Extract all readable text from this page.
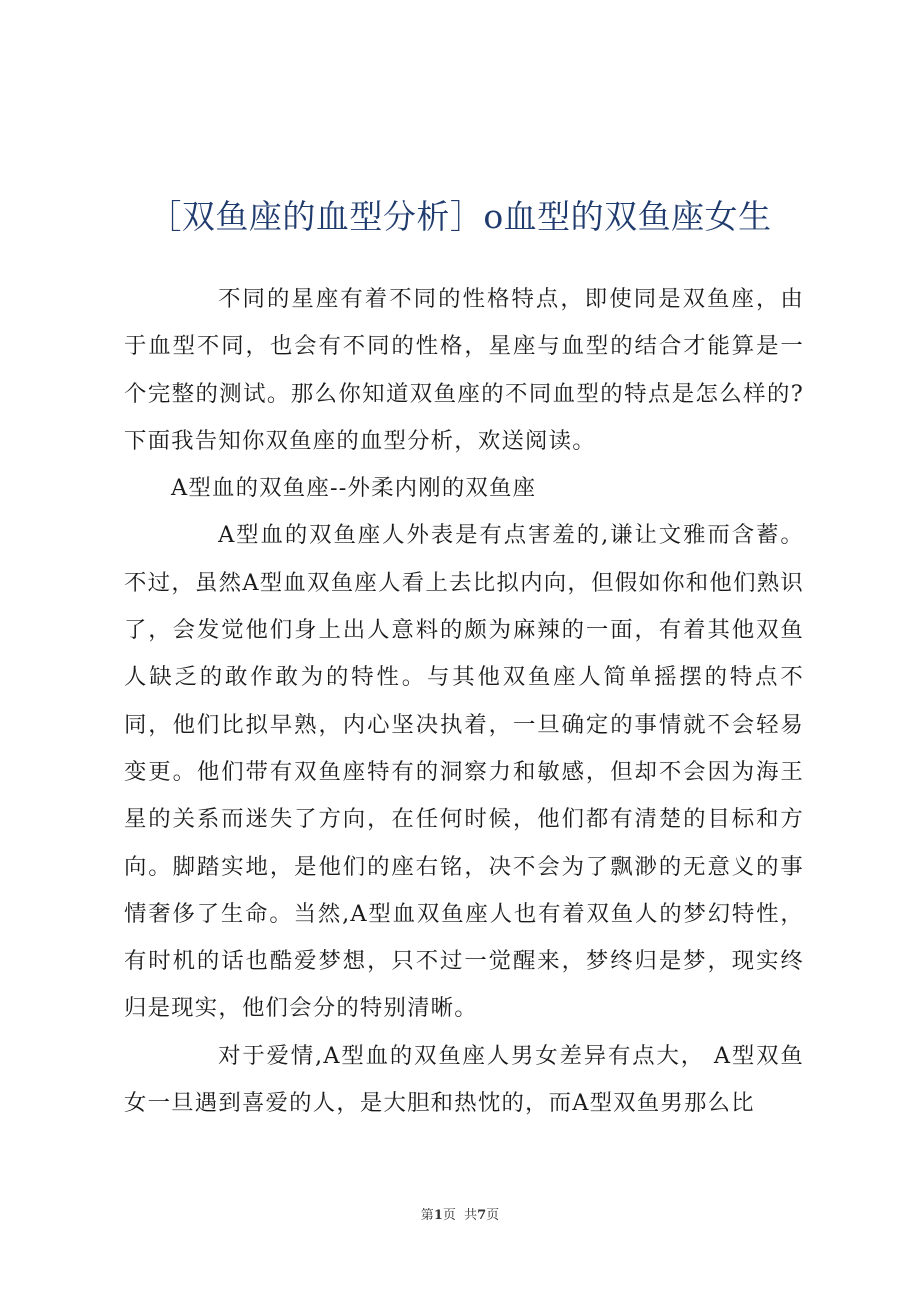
［双鱼座的血型分析］o血型的双鱼座女生

不同的星座有着不同的性格特点，即使同是双鱼座，由于血型不同，也会有不同的性格，星座与血型的结合才能算是一个完整的测试。那么你知道双鱼座的不同血型的特点是怎么样的?下面我告知你双鱼座的血型分析，欢送阅读。

A型血的双鱼座--外柔内刚的双鱼座

A型血的双鱼座人外表是有点害羞的,谦让文雅而含蓄。不过，虽然A型血双鱼座人看上去比拟内向，但假如你和他们熟识了，会发觉他们身上出人意料的颇为麻辣的一面，有着其他双鱼人缺乏的敢作敢为的特性。与其他双鱼座人简单摇摆的特点不同，他们比拟早熟，内心坚决执着，一旦确定的事情就不会轻易变更。他们带有双鱼座特有的洞察力和敏感，但却不会因为海王星的关系而迷失了方向，在任何时候，他们都有清楚的目标和方向。脚踏实地，是他们的座右铭，决不会为了飘渺的无意义的事情奢侈了生命。当然,A型血双鱼座人也有着双鱼人的梦幻特性，有时机的话也酷爱梦想，只不过一觉醒来，梦终归是梦，现实终归是现实，他们会分的特别清晰。

对于爱情,A型血的双鱼座人男女差异有点大， A型双鱼女一旦遇到喜爱的人，是大胆和热忱的，而A型双鱼男那么比

第1页  共7页
